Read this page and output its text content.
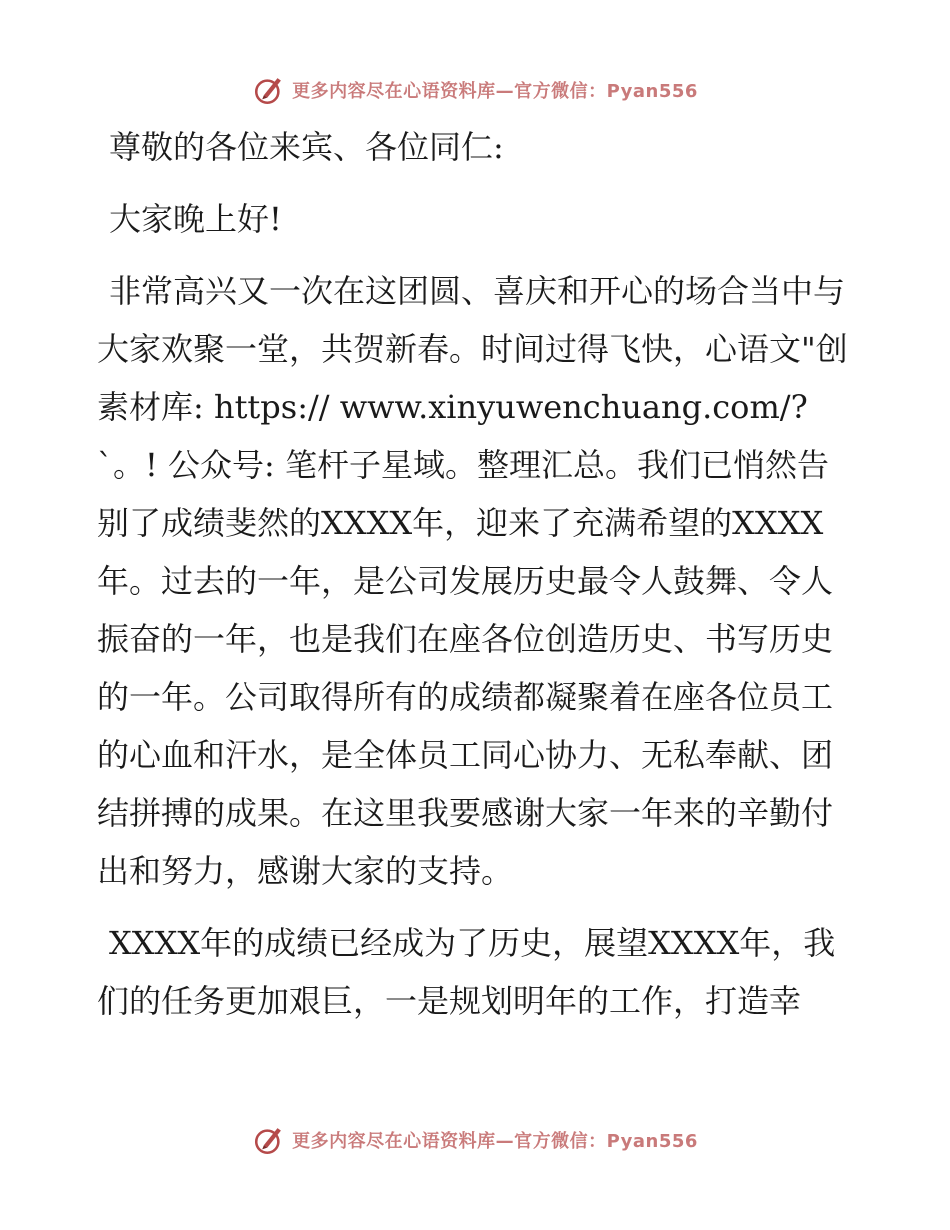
更多内容尽在心语资料库—官方微信：Pyan556

尊敬的各位来宾、各位同仁:

大家晚上好!

非常高兴又一次在这团圆、喜庆和开心的场合当中与大家欢聚一堂，共贺新春。时间过得飞快，心语文"创素材库: https:// www.xinyuwenchuang.com/?`。! 公众号: 笔杆子星域。整理汇总。我们已悄然告别了成绩斐然的XXXX年，迎来了充满希望的XXXX年。过去的一年，是公司发展历史最令人鼓舞、令人振奋的一年，也是我们在座各位创造历史、书写历史的一年。公司取得所有的成绩都凝聚着在座各位员工的心血和汗水，是全体员工同心协力、无私奉献、团结拼搏的成果。在这里我要感谢大家一年来的辛勤付出和努力，感谢大家的支持。

XXXX年的成绩已经成为了历史，展望XXXX年，我们的任务更加艰巨，一是规划明年的工作，打造幸

更多内容尽在心语资料库—官方微信：Pyan556
